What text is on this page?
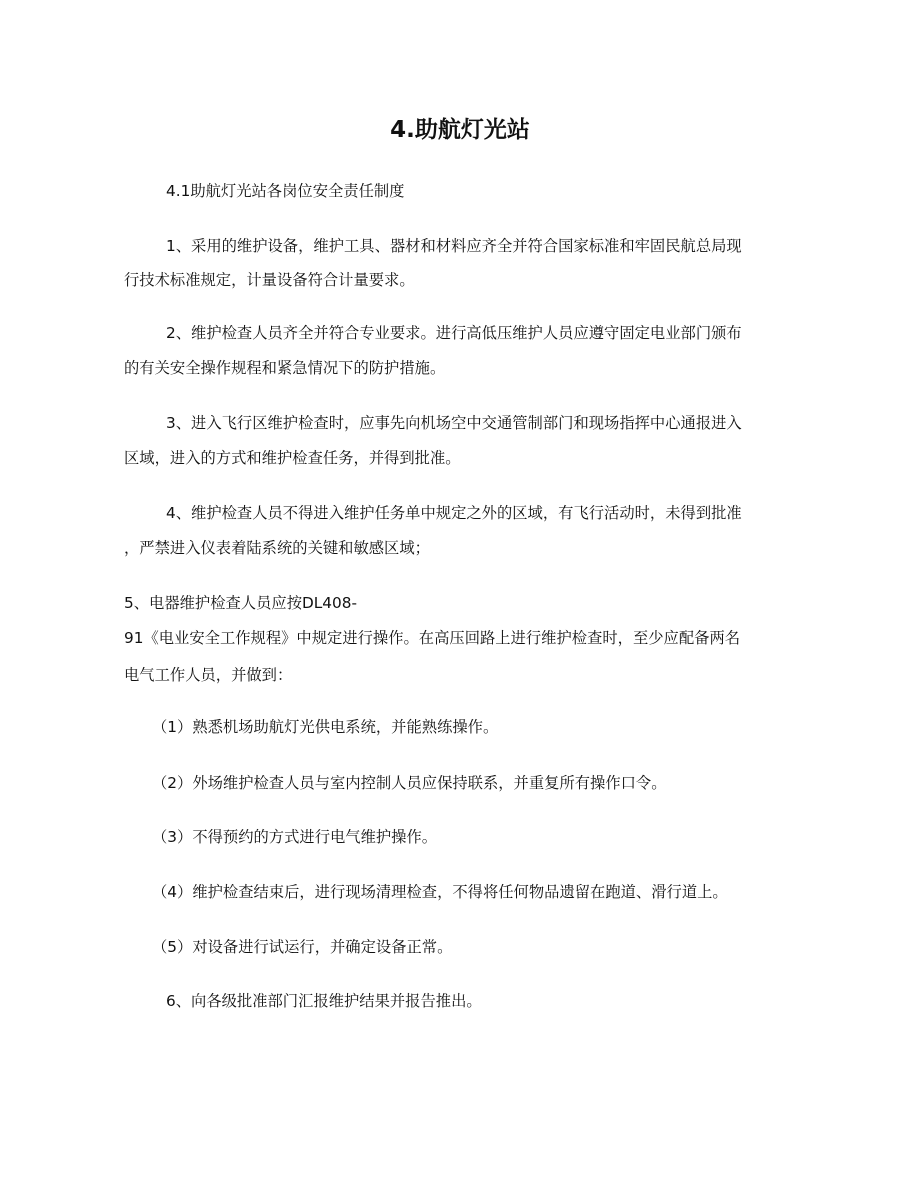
4.助航灯光站
4.1助航灯光站各岗位安全责任制度
1、采用的维护设备，维护工具、器材和材料应齐全并符合国家标准和牢固民航总局现
行技术标准规定，计量设备符合计量要求。
2、维护检查人员齐全并符合专业要求。进行高低压维护人员应遵守固定电业部门颁布
的有关安全操作规程和紧急情况下的防护措施。
3、进入飞行区维护检查时，应事先向机场空中交通管制部门和现场指挥中心通报进入
区域，进入的方式和维护检查任务，并得到批准。
4、维护检查人员不得进入维护任务单中规定之外的区域，有飞行活动时，未得到批准
，严禁进入仪表着陆系统的关键和敏感区域；
5、电器维护检查人员应按DL408-
91《电业安全工作规程》中规定进行操作。在高压回路上进行维护检查时，至少应配备两名
电气工作人员，并做到：
（1）熟悉机场助航灯光供电系统，并能熟练操作。
（2）外场维护检查人员与室内控制人员应保持联系，并重复所有操作口令。
（3）不得预约的方式进行电气维护操作。
（4）维护检查结束后，进行现场清理检查，不得将任何物品遗留在跑道、滑行道上。
（5）对设备进行试运行，并确定设备正常。
6、向各级批准部门汇报维护结果并报告推出。
